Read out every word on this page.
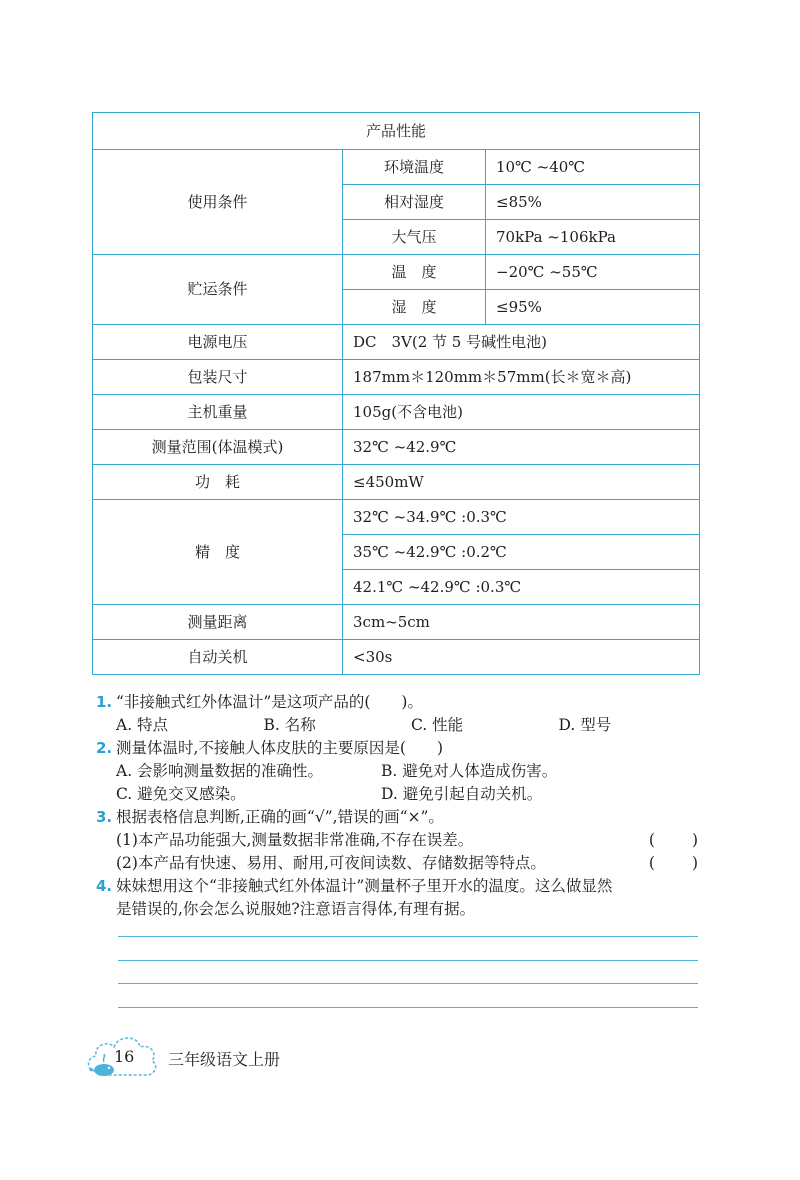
产品性能		
使用条件	环境温度	10℃ ~40℃
	相对湿度	≤85%
	大气压	70kPa ~106kPa
贮运条件	温　度	−20℃ ~55℃
	湿　度	≤95%
电源电压	DC　3V(2 节 5 号碱性电池)	
包装尺寸	187mm＊120mm＊57mm(长＊宽＊高)	
主机重量	105g(不含电池)	
测量范围(体温模式)	32℃ ~42.9℃	
功　耗	≤450mW	
精　度	32℃ ~34.9℃ :0.3℃	
	35℃ ~42.9℃ :0.2℃	
	42.1℃ ~42.9℃ :0.3℃	
测量距离	3cm~5cm	
自动关机	<30s	
1. “非接触式红外体温计”是这项产品的(　　)。
A. 特点	B. 名称	C. 性能	D. 型号
2. 测量体温时,不接触人体皮肤的主要原因是(　　)
A. 会影响测量数据的准确性。	B. 避免对人体造成伤害。
C. 避免交叉感染。	D. 避免引起自动关机。
3. 根据表格信息判断,正确的画“√”,错误的画“×”。
(1)本产品功能强大,测量数据非常准确,不存在误差。	(　　)
(2)本产品有快速、易用、耐用,可夜间读数、存储数据等特点。	(　　)
4. 妹妹想用这个“非接触式红外体温计”测量杯子里开水的温度。这么做显然
是错误的,你会怎么说服她?注意语言得体,有理有据。
16 三年级语文上册
